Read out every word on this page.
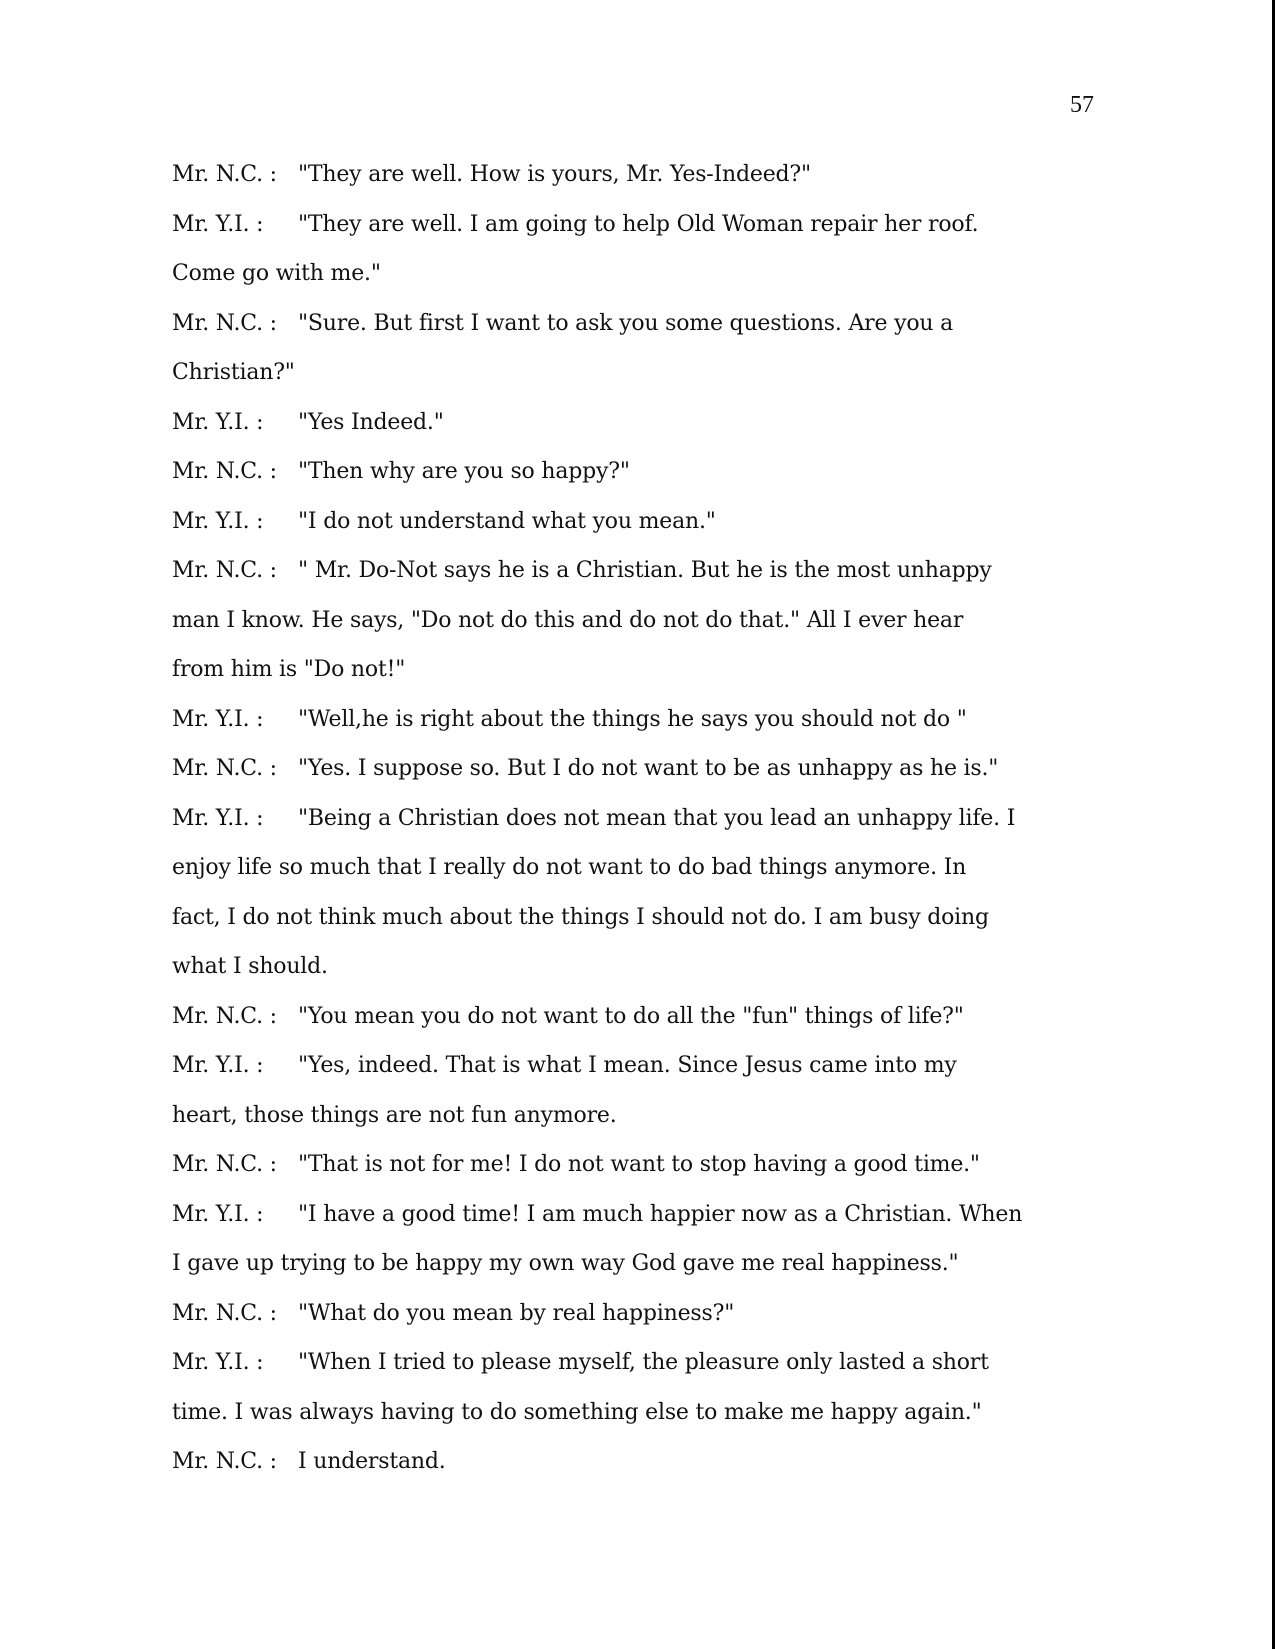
57
Mr. N.C. : "They are well. How is yours, Mr. Yes-Indeed?"
Mr. Y.I. : "They are well. I am going to help Old Woman repair her roof.
Come go with me."
Mr. N.C. : "Sure. But first I want to ask you some questions. Are you a
Christian?"
Mr. Y.I. : "Yes Indeed."
Mr. N.C. : "Then why are you so happy?"
Mr. Y.I. : "I do not understand what you mean."
Mr. N.C. : " Mr. Do-Not says he is a Christian. But he is the most unhappy
man I know. He says, "Do not do this and do not do that." All I ever hear
from him is "Do not!"
Mr. Y.I. : "Well,he is right about the things he says you should not do "
Mr. N.C. : "Yes. I suppose so. But I do not want to be as unhappy as he is."
Mr. Y.I. : "Being a Christian does not mean that you lead an unhappy life. I
enjoy life so much that I really do not want to do bad things anymore. In
fact, I do not think much about the things I should not do. I am busy doing
what I should.
Mr. N.C. : "You mean you do not want to do all the "fun" things of life?"
Mr. Y.I. : "Yes, indeed. That is what I mean. Since Jesus came into my
heart, those things are not fun anymore.
Mr. N.C. : "That is not for me! I do not want to stop having a good time."
Mr. Y.I. : "I have a good time! I am much happier now as a Christian. When
I gave up trying to be happy my own way God gave me real happiness."
Mr. N.C. : "What do you mean by real happiness?"
Mr. Y.I. : "When I tried to please myself, the pleasure only lasted a short
time. I was always having to do something else to make me happy again."
Mr. N.C. : I understand.
